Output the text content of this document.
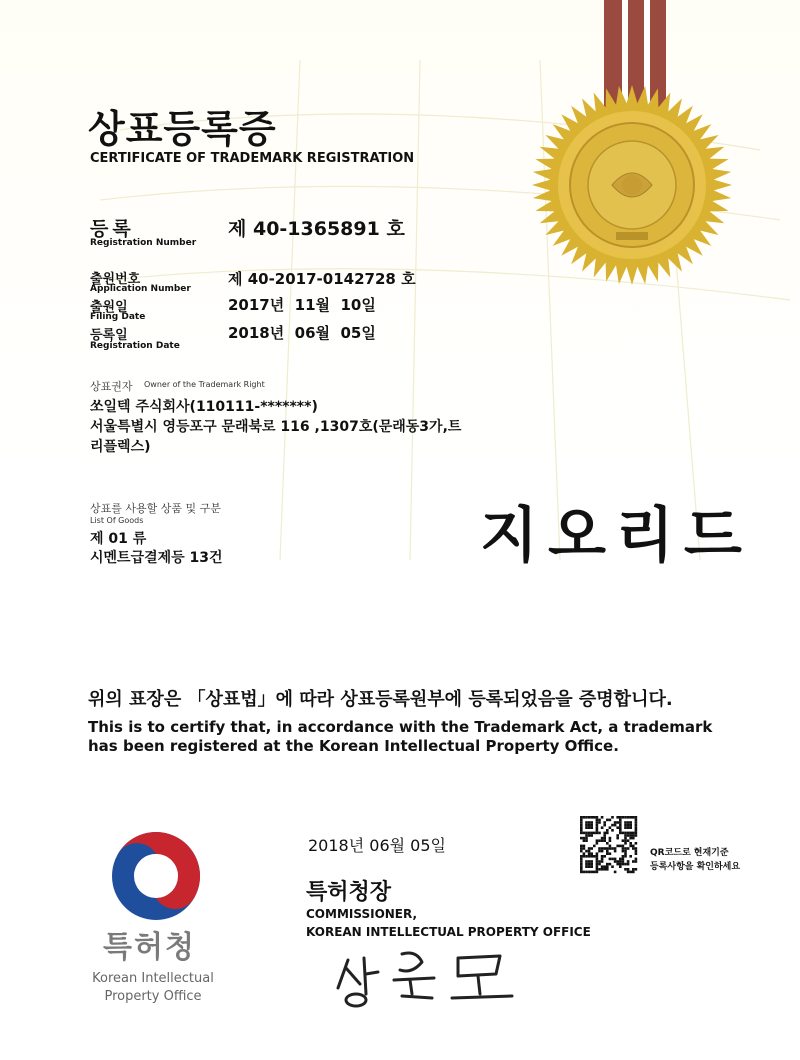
상표등록증
CERTIFICATE OF TRADEMARK REGISTRATION
등록
Registration Number
제 40-1365891 호
출원번호
Application Number
제 40-2017-0142728 호
출원일
Filing Date
2017년  11월  10일
등록일
Registration Date
2018년  06월  05일
상표권자 Owner of the Trademark Right
쏘일텍 주식회사(110111-*******)
서울특별시 영등포구 문래북로 116 ,1307호(문래동3가,트
리플렉스)
상표를 사용할 상품 및 구분
List Of Goods
제 01 류
시멘트급결제등 13건	지오리드
위의 표장은 「상표법」에 따라 상표등록원부에 등록되었음을 증명합니다.
This is to certify that, in accordance with the Trademark Act, a trademark
has been registered at the Korean Intellectual Property Office.
2018년 06월 05일
특허청장
COMMISSIONER,
KOREAN INTELLECTUAL PROPERTY OFFICE
QR코드로 현재기준
등록사항을 확인하세요
특허청
Korean Intellectual
Property Office
